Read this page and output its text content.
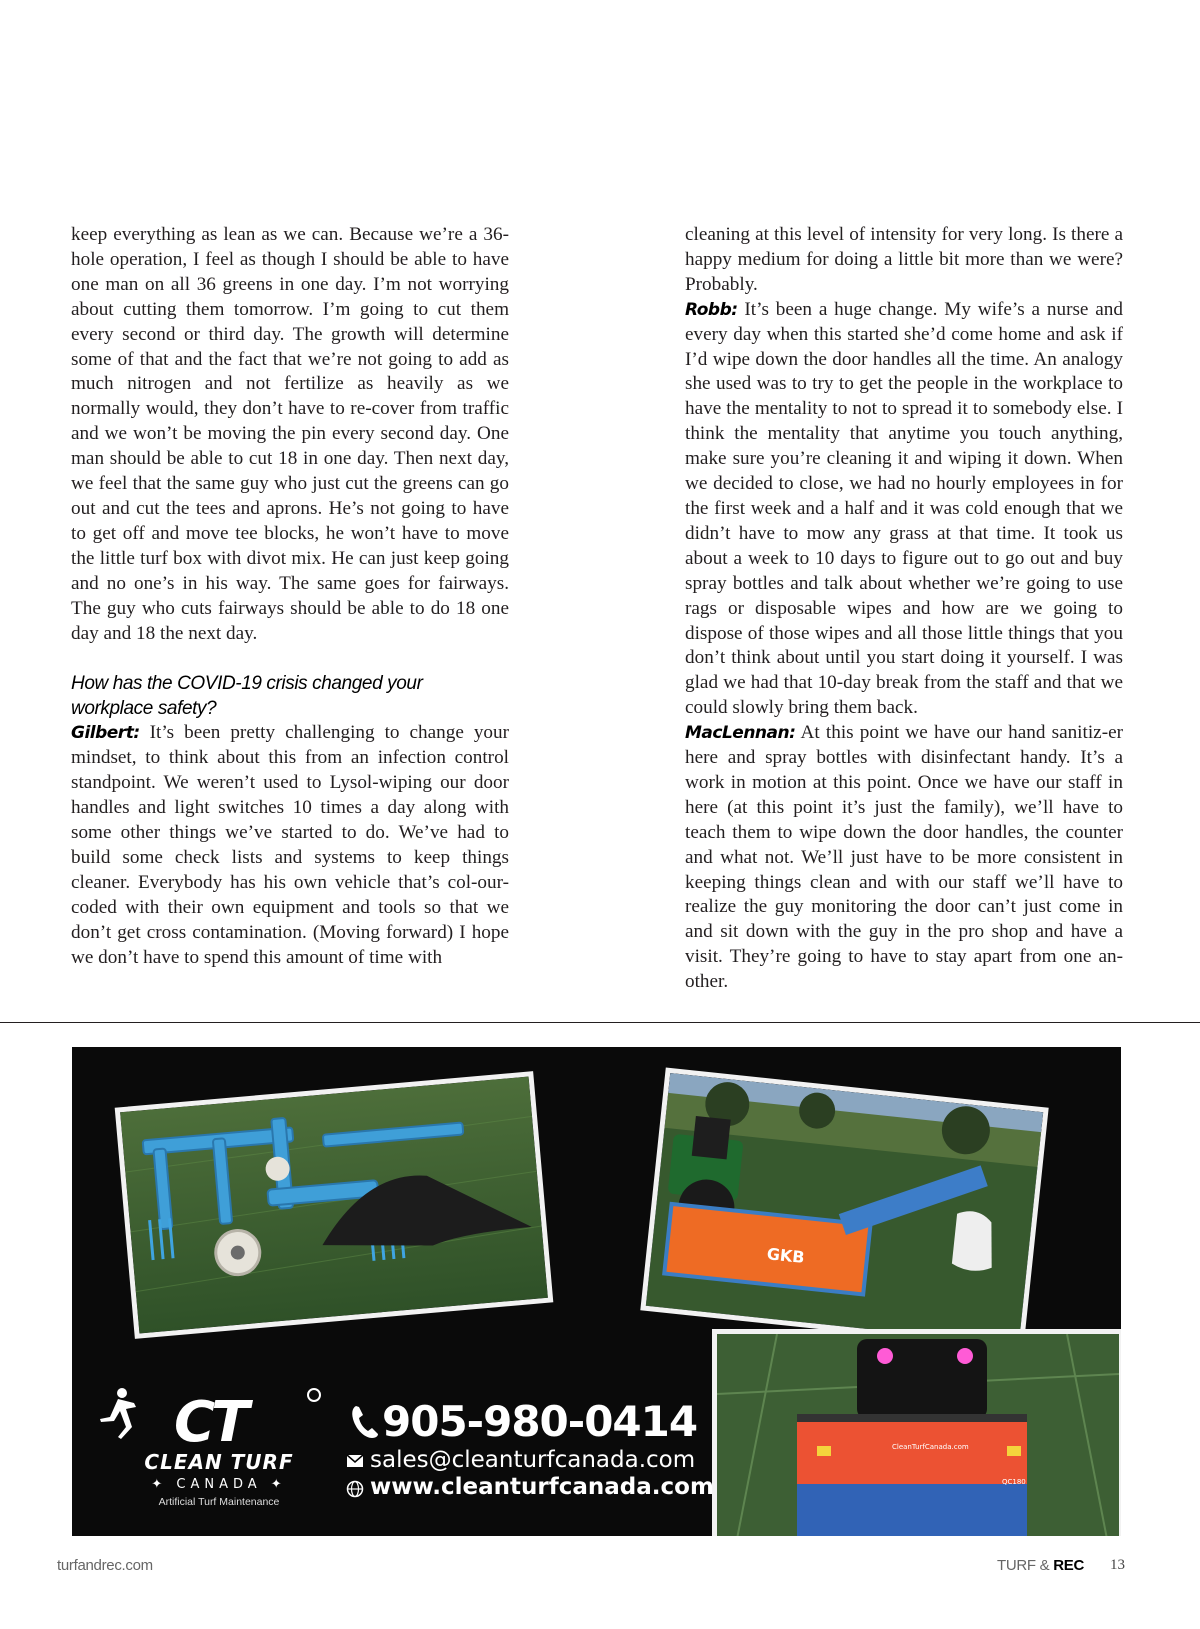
keep everything as lean as we can. Because we’re a 36-hole operation, I feel as though I should be able to have one man on all 36 greens in one day. I’m not worrying about cutting them tomorrow. I’m going to cut them every second or third day. The growth will determine some of that and the fact that we’re not going to add as much nitrogen and not fertilize as heavily as we normally would, they don’t have to re-cover from traffic and we won’t be moving the pin every second day. One man should be able to cut 18 in one day. Then next day, we feel that the same guy who just cut the greens can go out and cut the tees and aprons. He’s not going to have to get off and move tee blocks, he won’t have to move the little turf box with divot mix. He can just keep going and no one’s in his way. The same goes for fairways. The guy who cuts fairways should be able to do 18 one day and 18 the next day.

How has the COVID-19 crisis changed your workplace safety?

Gilbert: It’s been pretty challenging to change your mindset, to think about this from an infection control standpoint. We weren’t used to Lysol-wiping our door handles and light switches 10 times a day along with some other things we’ve started to do. We’ve had to build some check lists and systems to keep things cleaner. Everybody has his own vehicle that’s col-our-coded with their own equipment and tools so that we don’t get cross contamination. (Moving forward) I hope we don’t have to spend this amount of time with

cleaning at this level of intensity for very long. Is there a happy medium for doing a little bit more than we were? Probably.

Robb: It’s been a huge change. My wife’s a nurse and every day when this started she’d come home and ask if I’d wipe down the door handles all the time. An analogy she used was to try to get the people in the workplace to have the mentality to not to spread it to somebody else. I think the mentality that anytime you touch anything, make sure you’re cleaning it and wiping it down. When we decided to close, we had no hourly employees in for the first week and a half and it was cold enough that we didn’t have to mow any grass at that time. It took us about a week to 10 days to figure out to go out and buy spray bottles and talk about whether we’re going to use rags or disposable wipes and how are we going to dispose of those wipes and all those little things that you don’t think about until you start doing it yourself. I was glad we had that 10-day break from the staff and that we could slowly bring them back.

MacLennan: At this point we have our hand sanitiz-er here and spray bottles with disinfectant handy. It’s a work in motion at this point. Once we have our staff in here (at this point it’s just the family), we’ll have to teach them to wipe down the door handles, the counter and what not. We’ll just have to be more consistent in keeping things clean and with our staff we’ll have to realize the guy monitoring the door can’t just come in and sit down with the guy in the pro shop and have a visit. They’re going to have to stay apart from one an-other.

GKB
CleanTurfCanada.com
QC180
CT
CLEAN TURF
✦ CANADA ✦
Artificial Turf Maintenance
905-980-0414
sales@cleanturfcanada.com
www.cleanturfcanada.com
turfandrec.com	TURF & REC 13
